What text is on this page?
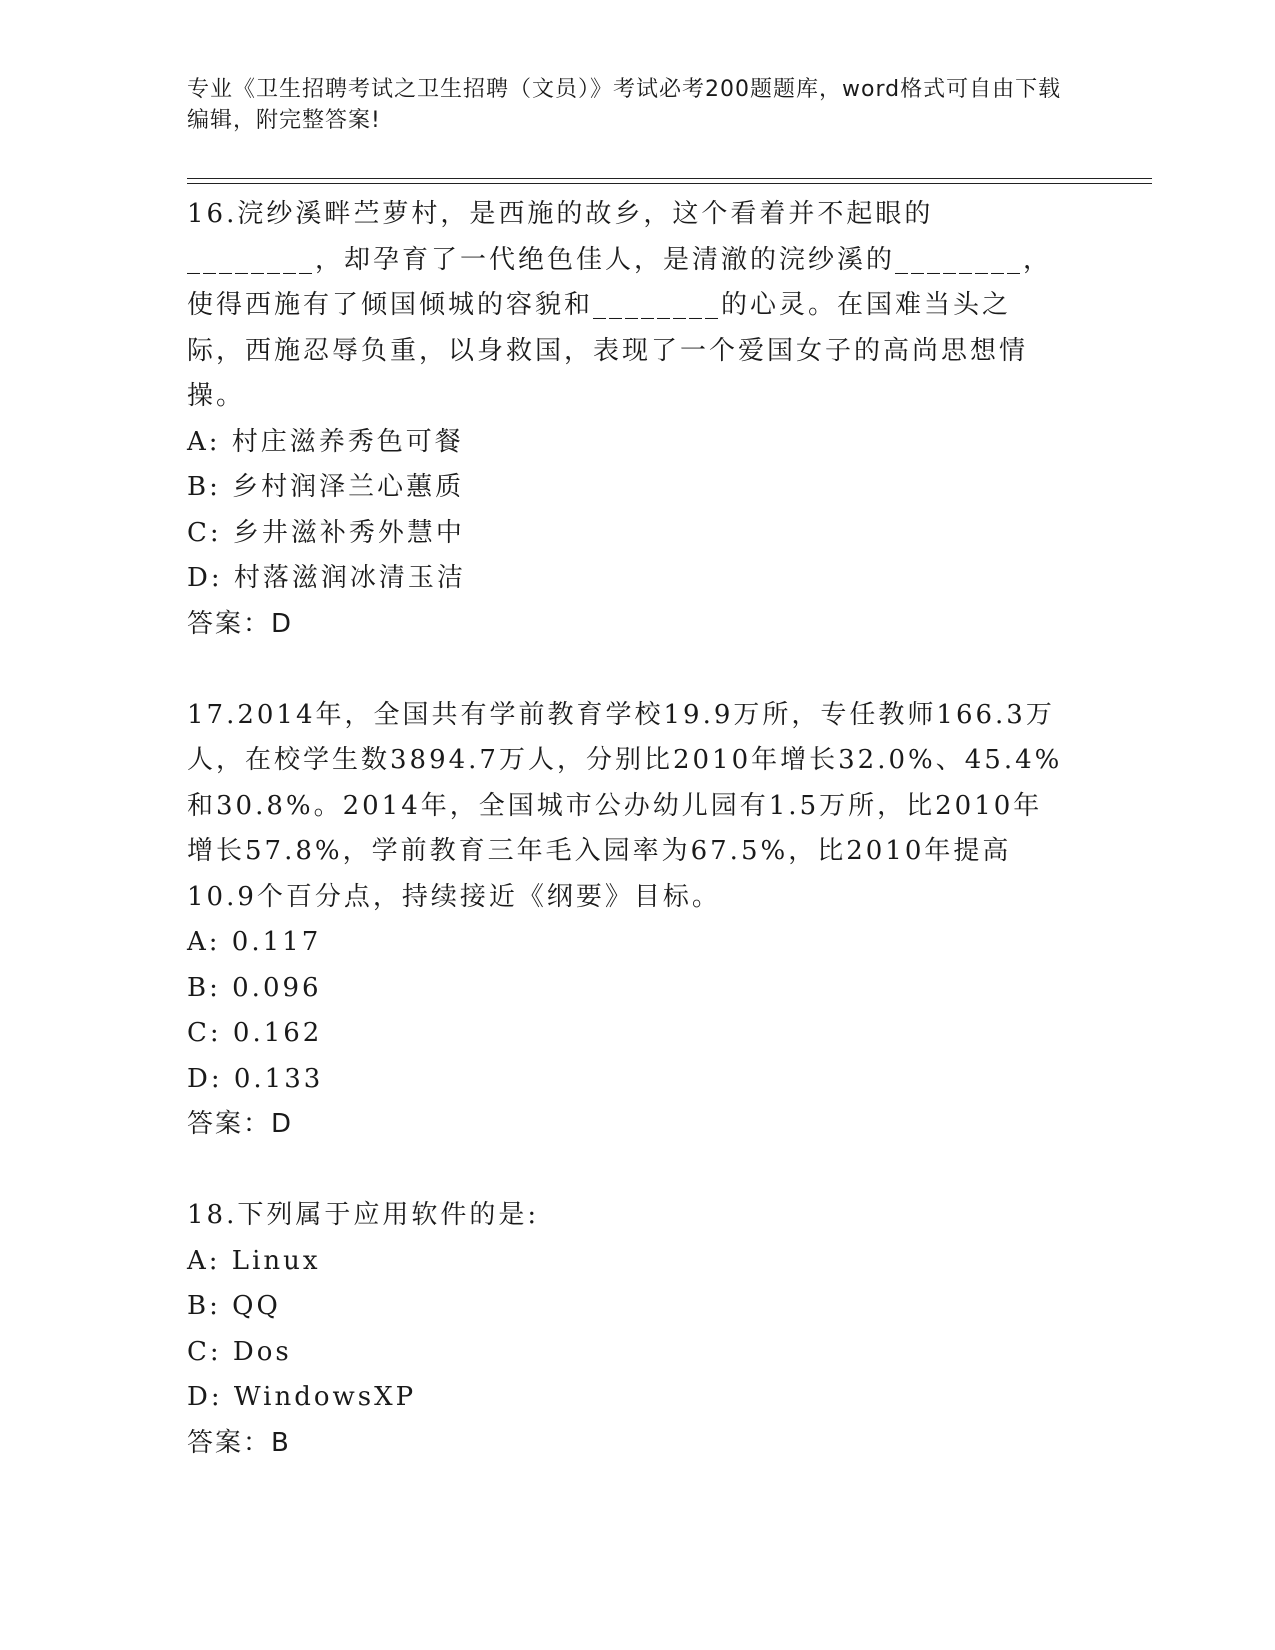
专业《卫生招聘考试之卫生招聘（文员）》考试必考200题题库，word格式可自由下载编辑，附完整答案!

16.浣纱溪畔苎萝村，是西施的故乡，这个看着并不起眼的________，却孕育了一代绝色佳人，是清澈的浣纱溪的________，使得西施有了倾国倾城的容貌和________的心灵。在国难当头之际，西施忍辱负重，以身救国，表现了一个爱国女子的高尚思想情操。

A: 村庄滋养秀色可餐

B: 乡村润泽兰心蕙质

C: 乡井滋补秀外慧中

D: 村落滋润冰清玉洁

答案：D

17.2014年，全国共有学前教育学校19.9万所，专任教师166.3万人，在校学生数3894.7万人，分别比2010年增长32.0%、45.4%和30.8%。2014年，全国城市公办幼儿园有1.5万所，比2010年增长57.8%，学前教育三年毛入园率为67.5%，比2010年提高10.9个百分点，持续接近《纲要》目标。

A: 0.117

B: 0.096

C: 0.162

D: 0.133

答案：D

18.下列属于应用软件的是:

A: Linux

B: QQ

C: Dos

D: WindowsXP

答案：B
